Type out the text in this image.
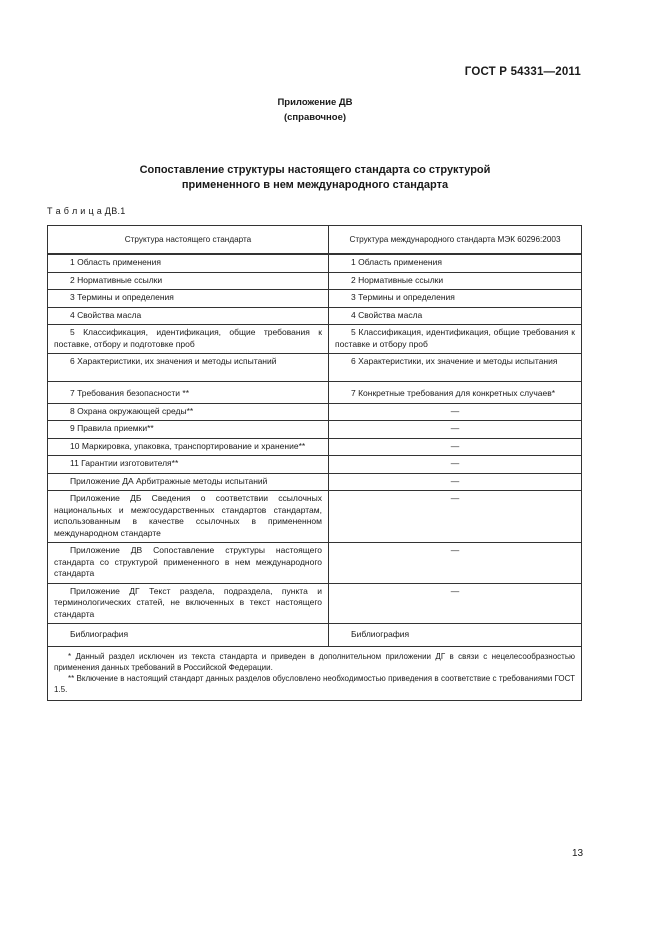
ГОСТ Р 54331—2011
Приложение ДВ
(справочное)
Сопоставление структуры настоящего стандарта со структурой
примененного в нем международного стандарта
Т а б л и ц а ДВ.1
Структура настоящего стандарта	Структура международного стандарта МЭК 60296:2003
1 Область применения	1 Область применения
2 Нормативные ссылки	2 Нормативные ссылки
3 Термины и определения	3 Термины и определения
4 Свойства масла	4 Свойства масла
5 Классификация, идентификация, общие требования к поставке, отбору и подготовке проб	5 Классификация, идентификация, общие требования к поставке и отбору проб
6 Характеристики, их значения и методы испытаний	6 Характеристики, их значение и методы испытания
7 Требования безопасности **	7 Конкретные требования для конкретных случаев*
8 Охрана окружающей среды**	—
9 Правила приемки**	—
10 Маркировка, упаковка, транспортирование и хранение**	—
11 Гарантии изготовителя**	—
Приложение ДА Арбитражные методы испытаний	—
Приложение ДБ Сведения о соответствии ссылочных национальных и межгосударственных стандартов стандартам, использованным в качестве ссылочных в примененном международном стандарте	—
Приложение ДВ Сопоставление структуры настоящего стандарта со структурой примененного в нем международного стандарта	—
Приложение ДГ Текст раздела, подраздела, пункта и терминологических статей, не включенных в текст настоящего стандарта	—
Библиография	Библиография

* Данный раздел исключен из текста стандарта и приведен в дополнительном приложении ДГ в связи с нецелесообразностью применения данных требований в Российской Федерации.
** Включение в настоящий стандарт данных разделов обусловлено необходимостью приведения в соответствие с требованиями ГОСТ 1.5.	
13
